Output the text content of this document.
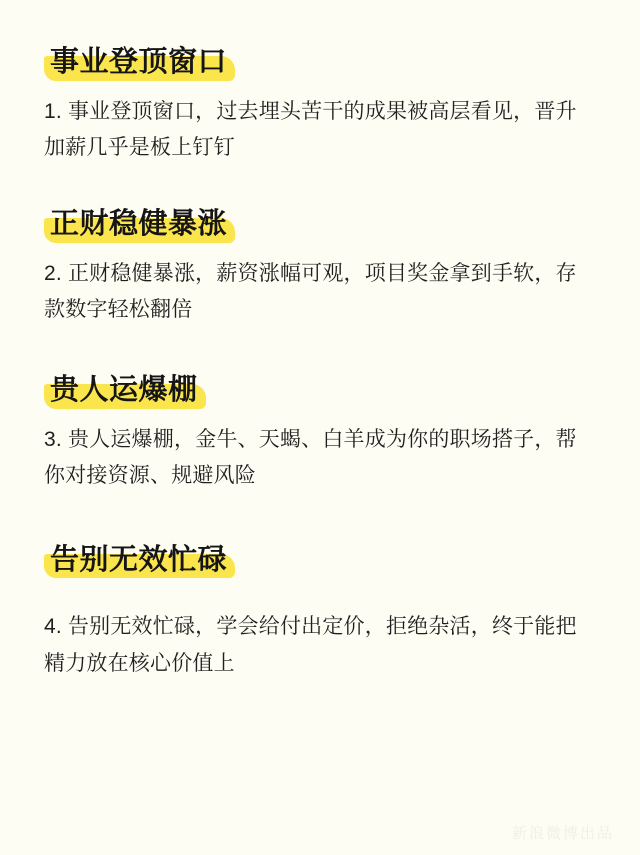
事业登顶窗口

1. 事业登顶窗口，过去埋头苦干的成果被高层看见，晋升加薪几乎是板上钉钉

正财稳健暴涨

2. 正财稳健暴涨，薪资涨幅可观，项目奖金拿到手软，存款数字轻松翻倍

贵人运爆棚

3. 贵人运爆棚，金牛、天蝎、白羊成为你的职场搭子，帮你对接资源、规避风险

告别无效忙碌

4. 告别无效忙碌，学会给付出定价，拒绝杂活，终于能把精力放在核心价值上

新浪微博出品
